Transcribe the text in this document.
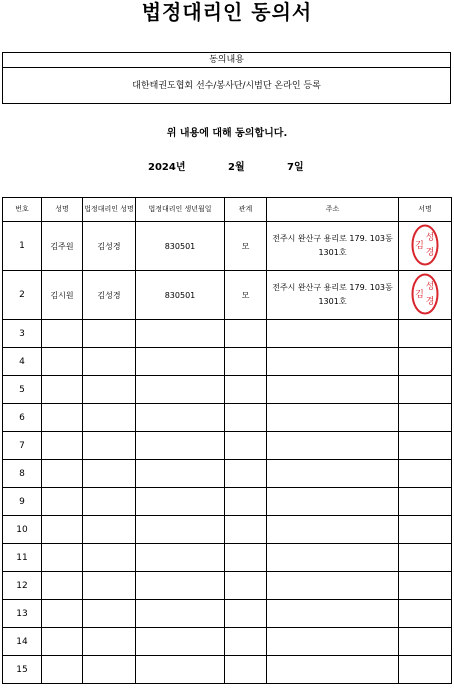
법정대리인 동의서
동의내용
대한태권도협회 선수/봉사단/시범단 온라인 등록
위 내용에 대해 동의합니다.
2024년	2월	7일
번호	성명	법정대리인 성명	법정대리인 생년월일	관계	주소	서명
1	김주원	김성경	830501	모	전주시 완산구 용리로 179. 103동 1301호	김
성
경

2	김시원	김성경	830501	모	전주시 완산구 용리로 179. 103동 1301호	김
성
경

3						
4						
5						
6						
7						
8						
9						
10						
11						
12						
13						
14						
15						
